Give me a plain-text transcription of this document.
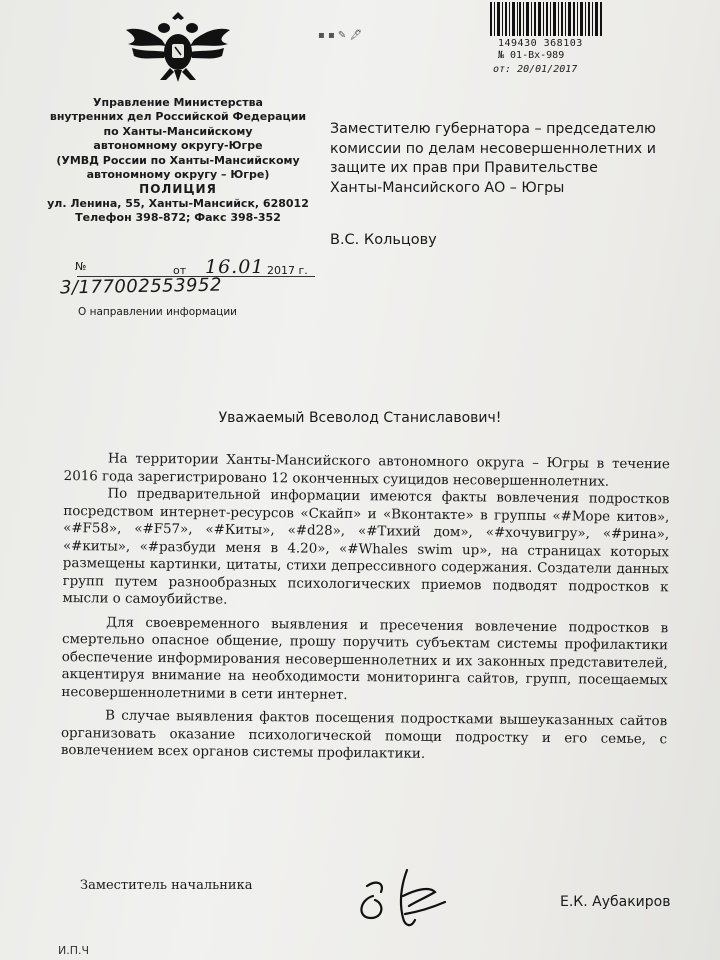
149430 368103
№ 01-Вх-989
от: 20/01/2017
▪ ▪ ✎ 🖋
Управление Министерства
внутренних дел Российской Федерации
по Ханты-Мансийскому
автономному округу-Югре
(УМВД России по Ханты-Мансийскому
автономному округу – Югре)
ПОЛИЦИЯ
ул. Ленина, 55, Ханты-Мансийск, 628012
Телефон 398-872; Факс 398-352
№	от 16.01 2017 г.
3/177002553952
О направлении информации
Заместителю губернатора – председателю
комиссии по делам несовершеннолетних и
защите их прав при Правительстве
Ханты-Мансийского АО – Югры
В.С. Кольцову
Уважаемый Всеволод Станиславович!

На территории Ханты-Мансийского автономного округа – Югры в течение 2016 года зарегистрировано 12 оконченных суицидов несовершеннолетних.

По предварительной информации имеются факты вовлечения подростков посредством интернет-ресурсов «Скайп» и «Вконтакте» в группы «#Море китов», «#F58», «#F57», «#Киты», «#d28», «#Тихий дом», «#хочувигру», «#рина», «#киты», «#разбуди меня в 4.20», «#Whales swim up», на страницах которых размещены картинки, цитаты, стихи депрессивного содержания. Создатели данных групп путем разнообразных психологических приемов подводят подростков к мысли о самоубийстве.

Для своевременного выявления и пресечения вовлечение подростков в смертельно опасное общение, прошу поручить субъектам системы профилактики обеспечение информирования несовершеннолетних и их законных представителей, акцентируя внимание на необходимости мониторинга сайтов, групп, посещаемых несовершеннолетними в сети интернет.

В случае выявления фактов посещения подростками вышеуказанных сайтов организовать оказание психологической помощи подростку и его семье, с вовлечением всех органов системы профилактики.

Заместитель начальника
Е.К. Аубакиров
И.П.Ч
